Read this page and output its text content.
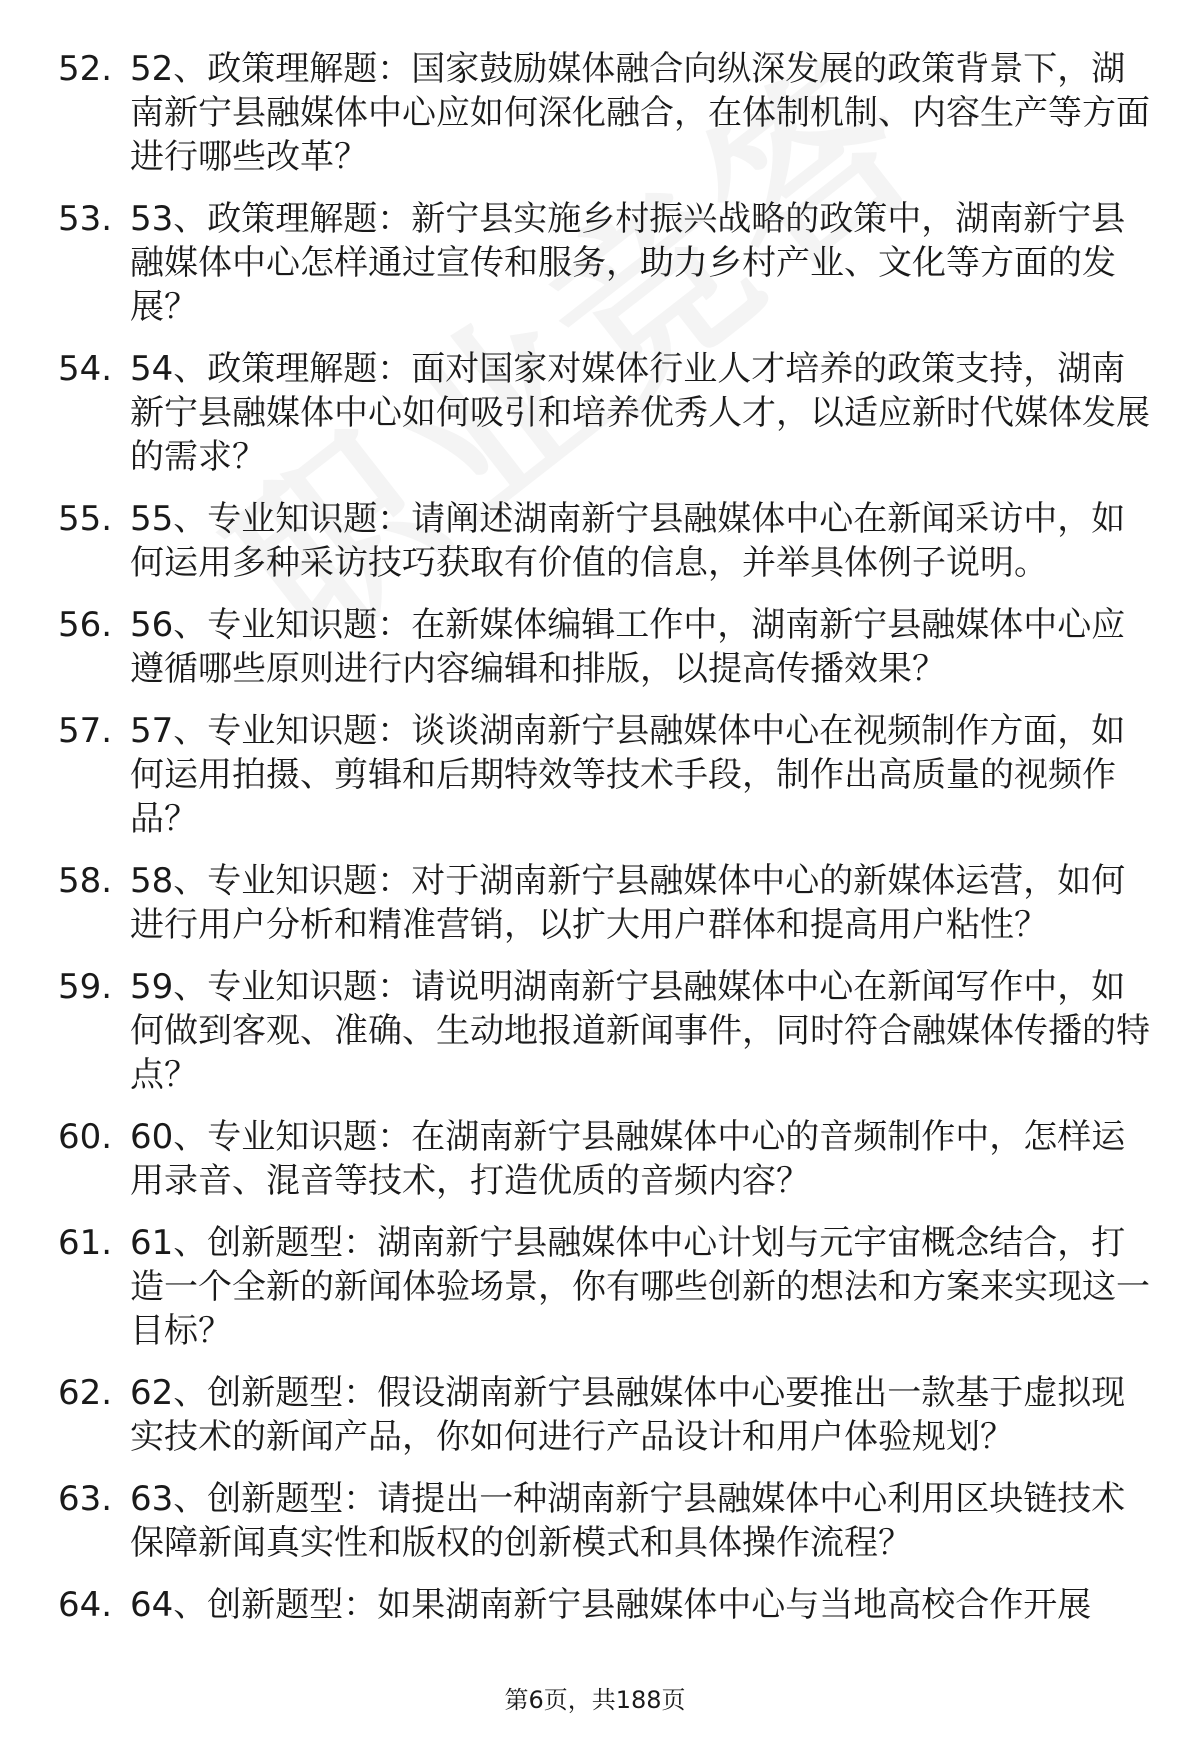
52. 52、政策理解题：国家鼓励媒体融合向纵深发展的政策背景下，湖南新宁县融媒体中心应如何深化融合，在体制机制、内容生产等方面进行哪些改革？
53. 53、政策理解题：新宁县实施乡村振兴战略的政策中，湖南新宁县融媒体中心怎样通过宣传和服务，助力乡村产业、文化等方面的发展？
54. 54、政策理解题：面对国家对媒体行业人才培养的政策支持，湖南新宁县融媒体中心如何吸引和培养优秀人才，以适应新时代媒体发展的需求？
55. 55、专业知识题：请阐述湖南新宁县融媒体中心在新闻采访中，如何运用多种采访技巧获取有价值的信息，并举具体例子说明。
56. 56、专业知识题：在新媒体编辑工作中，湖南新宁县融媒体中心应遵循哪些原则进行内容编辑和排版，以提高传播效果？
57. 57、专业知识题：谈谈湖南新宁县融媒体中心在视频制作方面，如何运用拍摄、剪辑和后期特效等技术手段，制作出高质量的视频作品？
58. 58、专业知识题：对于湖南新宁县融媒体中心的新媒体运营，如何进行用户分析和精准营销，以扩大用户群体和提高用户粘性？
59. 59、专业知识题：请说明湖南新宁县融媒体中心在新闻写作中，如何做到客观、准确、生动地报道新闻事件，同时符合融媒体传播的特点？
60. 60、专业知识题：在湖南新宁县融媒体中心的音频制作中，怎样运用录音、混音等技术，打造优质的音频内容？
61. 61、创新题型：湖南新宁县融媒体中心计划与元宇宙概念结合，打造一个全新的新闻体验场景，你有哪些创新的想法和方案来实现这一目标？
62. 62、创新题型：假设湖南新宁县融媒体中心要推出一款基于虚拟现实技术的新闻产品，你如何进行产品设计和用户体验规划？
63. 63、创新题型：请提出一种湖南新宁县融媒体中心利用区块链技术保障新闻真实性和版权的创新模式和具体操作流程？
64. 64、创新题型：如果湖南新宁县融媒体中心与当地高校合作开展
第6页，共188页
